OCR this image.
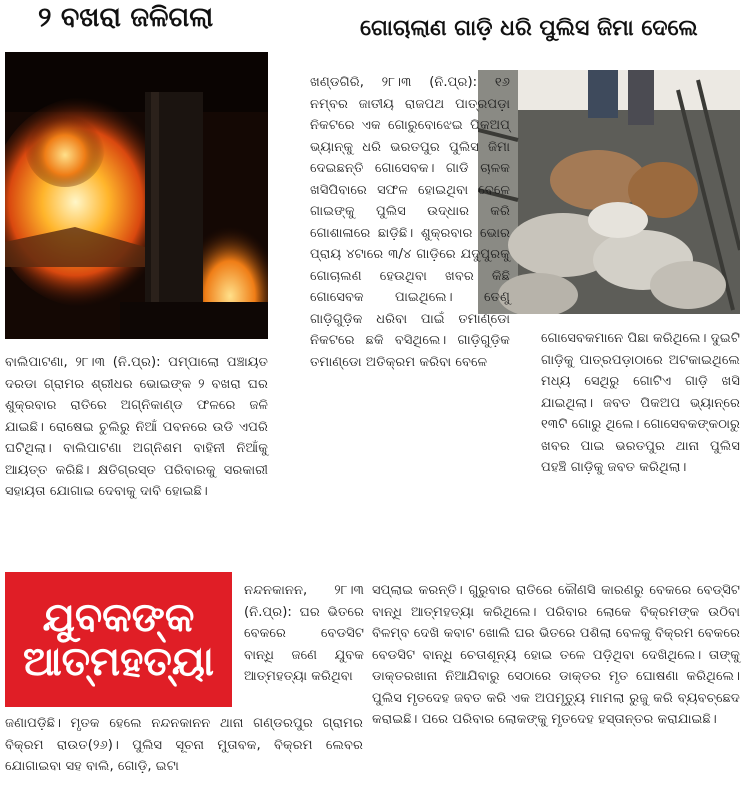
୨ ବଖରା ଜଳିଗଲା

ବାଲିପାଟଣା, ୨୮।୩ (ନି.ପ୍ର): ପମ୍ପାଲୋ ପଞ୍ଚାୟତ ଦରଡା ଗ୍ରାମର ଶ୍ରୀଧର ଭୋଇଙ୍କ ୨ ବଖରା ଘର ଶୁକ୍ରବାର ରାତିରେ ଅଗ୍ନିକାଣ୍ଡ ଫଳରେ ଜଳି ଯାଇଛି। ରୋଷେଇ ଚୁଲିରୁ ନିଆଁ ପବନରେ ଉଡି ଏପରି ଘଟିଥିଲା। ବାଲିପାଟଣା ଅଗ୍ନିଶମ ବାହିନୀ ନିଆଁକୁ ଆୟତ୍ତ କରିଛି। କ୍ଷତିଗ୍ରସ୍ତ ପରିବାରକୁ ସରକାରୀ ସହାୟତା ଯୋଗାଇ ଦେବାକୁ ଦାବି ହୋଇଛି।

ଗୋଚାଲାଣ ଗାଡ଼ି ଧରି ପୁଲିସ ଜିମା ଦେଲେ

ଖଣ୍ଡଗିରି, ୨୮।୩ (ନି.ପ୍ର): ୧୬ ନମ୍ବର ଜାତୀୟ ରାଜପଥ ପାତ୍ରପଡ଼ା ନିକଟରେ ଏକ ଗୋରୁବୋଝେଇ ପିକଅପ୍ ଭ୍ୟାନ୍‌କୁ ଧରି ଭରତପୁର ପୁଲିସ ଜିମା ଦେଇଛନ୍ତି ଗୋସେବକ। ଗାଡି ଚାଳକ ଖସିପିବାରେ ସଫଳ ହୋଇଥିବା ବେଳେ ଗାଇଙ୍କୁ ପୁଲିସ ଉଦ୍ଧାର କରି ଗୋଶାଳାରେ ଛାଡ଼ିଛି। ଶୁକ୍ରବାର ଭୋର ପ୍ରାୟ ୪ଟାରେ ୩/୪ ଗାଡ଼ିରେ ଯଦୁପୁରକୁ ଗୋଚାଲଣ ହେଉଥିବା ଖବର କିଛି ଗୋସେବକ ପାଇଥିଲେ। ତେଣୁ ଗାଡ଼ିଗୁଡ଼ିକ ଧରିବା ପାଇଁ ତମାଣ୍ଡୋ ନିକଟରେ ଛକି ବସିଥିଲେ। ଗାଡ଼ିଗୁଡ଼ିକ ତମାଣ୍ଡୋ ଅତିକ୍ରମ କରିବା ବେଳେ

ଗୋସେବକମାନେ ପିଛା କରିଥିଲେ। ଦୁଇଟି ଗାଡ଼ିକୁ ପାତ୍ରପଡ଼ାଠାରେ ଅଟକାଇଥିଲେ ମଧ୍ୟ ସେଥିରୁ ଗୋଟିଏ ଗାଡ଼ି ଖସି ଯାଇଥିଲା। ଜବତ ପିକଅପ ଭ୍ୟାନ୍‌ରେ ୧୩ଟି ଗୋରୁ ଥିଲେ। ଗୋସେବକଙ୍କଠାରୁ ଖବର ପାଇ ଭରତପୁର ଥାନା ପୁଲିସ ପହଞ୍ଚି ଗାଡ଼ିକୁ ଜବତ କରିଥିଲା।

ଯୁବକଙ୍କ
ଆତ୍ମହତ୍ୟା

ନନ୍ଦନକାନନ, ୨୮।୩ (ନି.ପ୍ର): ଘର ଭିତରେ ବେକରେ ବେଡସିଟ ବାନ୍ଧି ଜଣେ ଯୁବକ ଆତ୍ମହତ୍ୟା କରିଥିବା

ଜଣାପଡ଼ିଛି। ମୃତକ ହେଲେ ନନ୍ଦନକାନନ ଥାନା ଗଣ୍ଡରପୁର ଗ୍ରାମର ବିକ୍ରମ ରାଉତ(୨୬)। ପୁଲିସ ସୂଚନା ମୁତାବକ, ବିକ୍ରମ ଲେବର ଯୋଗାଇବା ସହ ବାଲି, ଗୋଡ଼ି, ଇଟା

ସପ୍ଲାଇ କରନ୍ତି। ଗୁରୁବାର ରାତିରେ କୌଣସି କାରଣରୁ ବେକରେ ବେଡ୍‌ସିଟ ବାନ୍ଧି ଆତ୍ମହତ୍ୟା କରିଥିଲେ। ପରିବାର ଲୋକେ ବିକ୍ରମଙ୍କ ଉଠିବା ବିଳମ୍ବ ଦେଖି କବାଟ ଖୋଲି ଘର ଭିତରେ ପଶିଲା ବେଳକୁ ବିକ୍ରମ ବେକରେ ବେଡସିଟ ବାନ୍ଧି ଚେତାଶୂନ୍ୟ ହୋଇ ତଳେ ପଡ଼ିଥିବା ଦେଖିଥିଲେ। ତାଙ୍କୁ ଡାକ୍ତରଖାନା ନିଆଯିବାରୁ ସେଠାରେ ଡାକ୍ତର ମୃତ ଘୋଷଣା କରିଥିଲେ। ପୁଲିସ ମୃତଦେହ ଜବତ କରି ଏକ ଅପମୃତ୍ୟୁ ମାମଲା ରୁଜୁ କରି ବ୍ୟବଚ୍ଛେଦ କରାଇଛି। ପରେ ପରିବାର ଲୋକଙ୍କୁ ମୃତଦେହ ହସ୍ତାନ୍ତର କରାଯାଇଛି।
